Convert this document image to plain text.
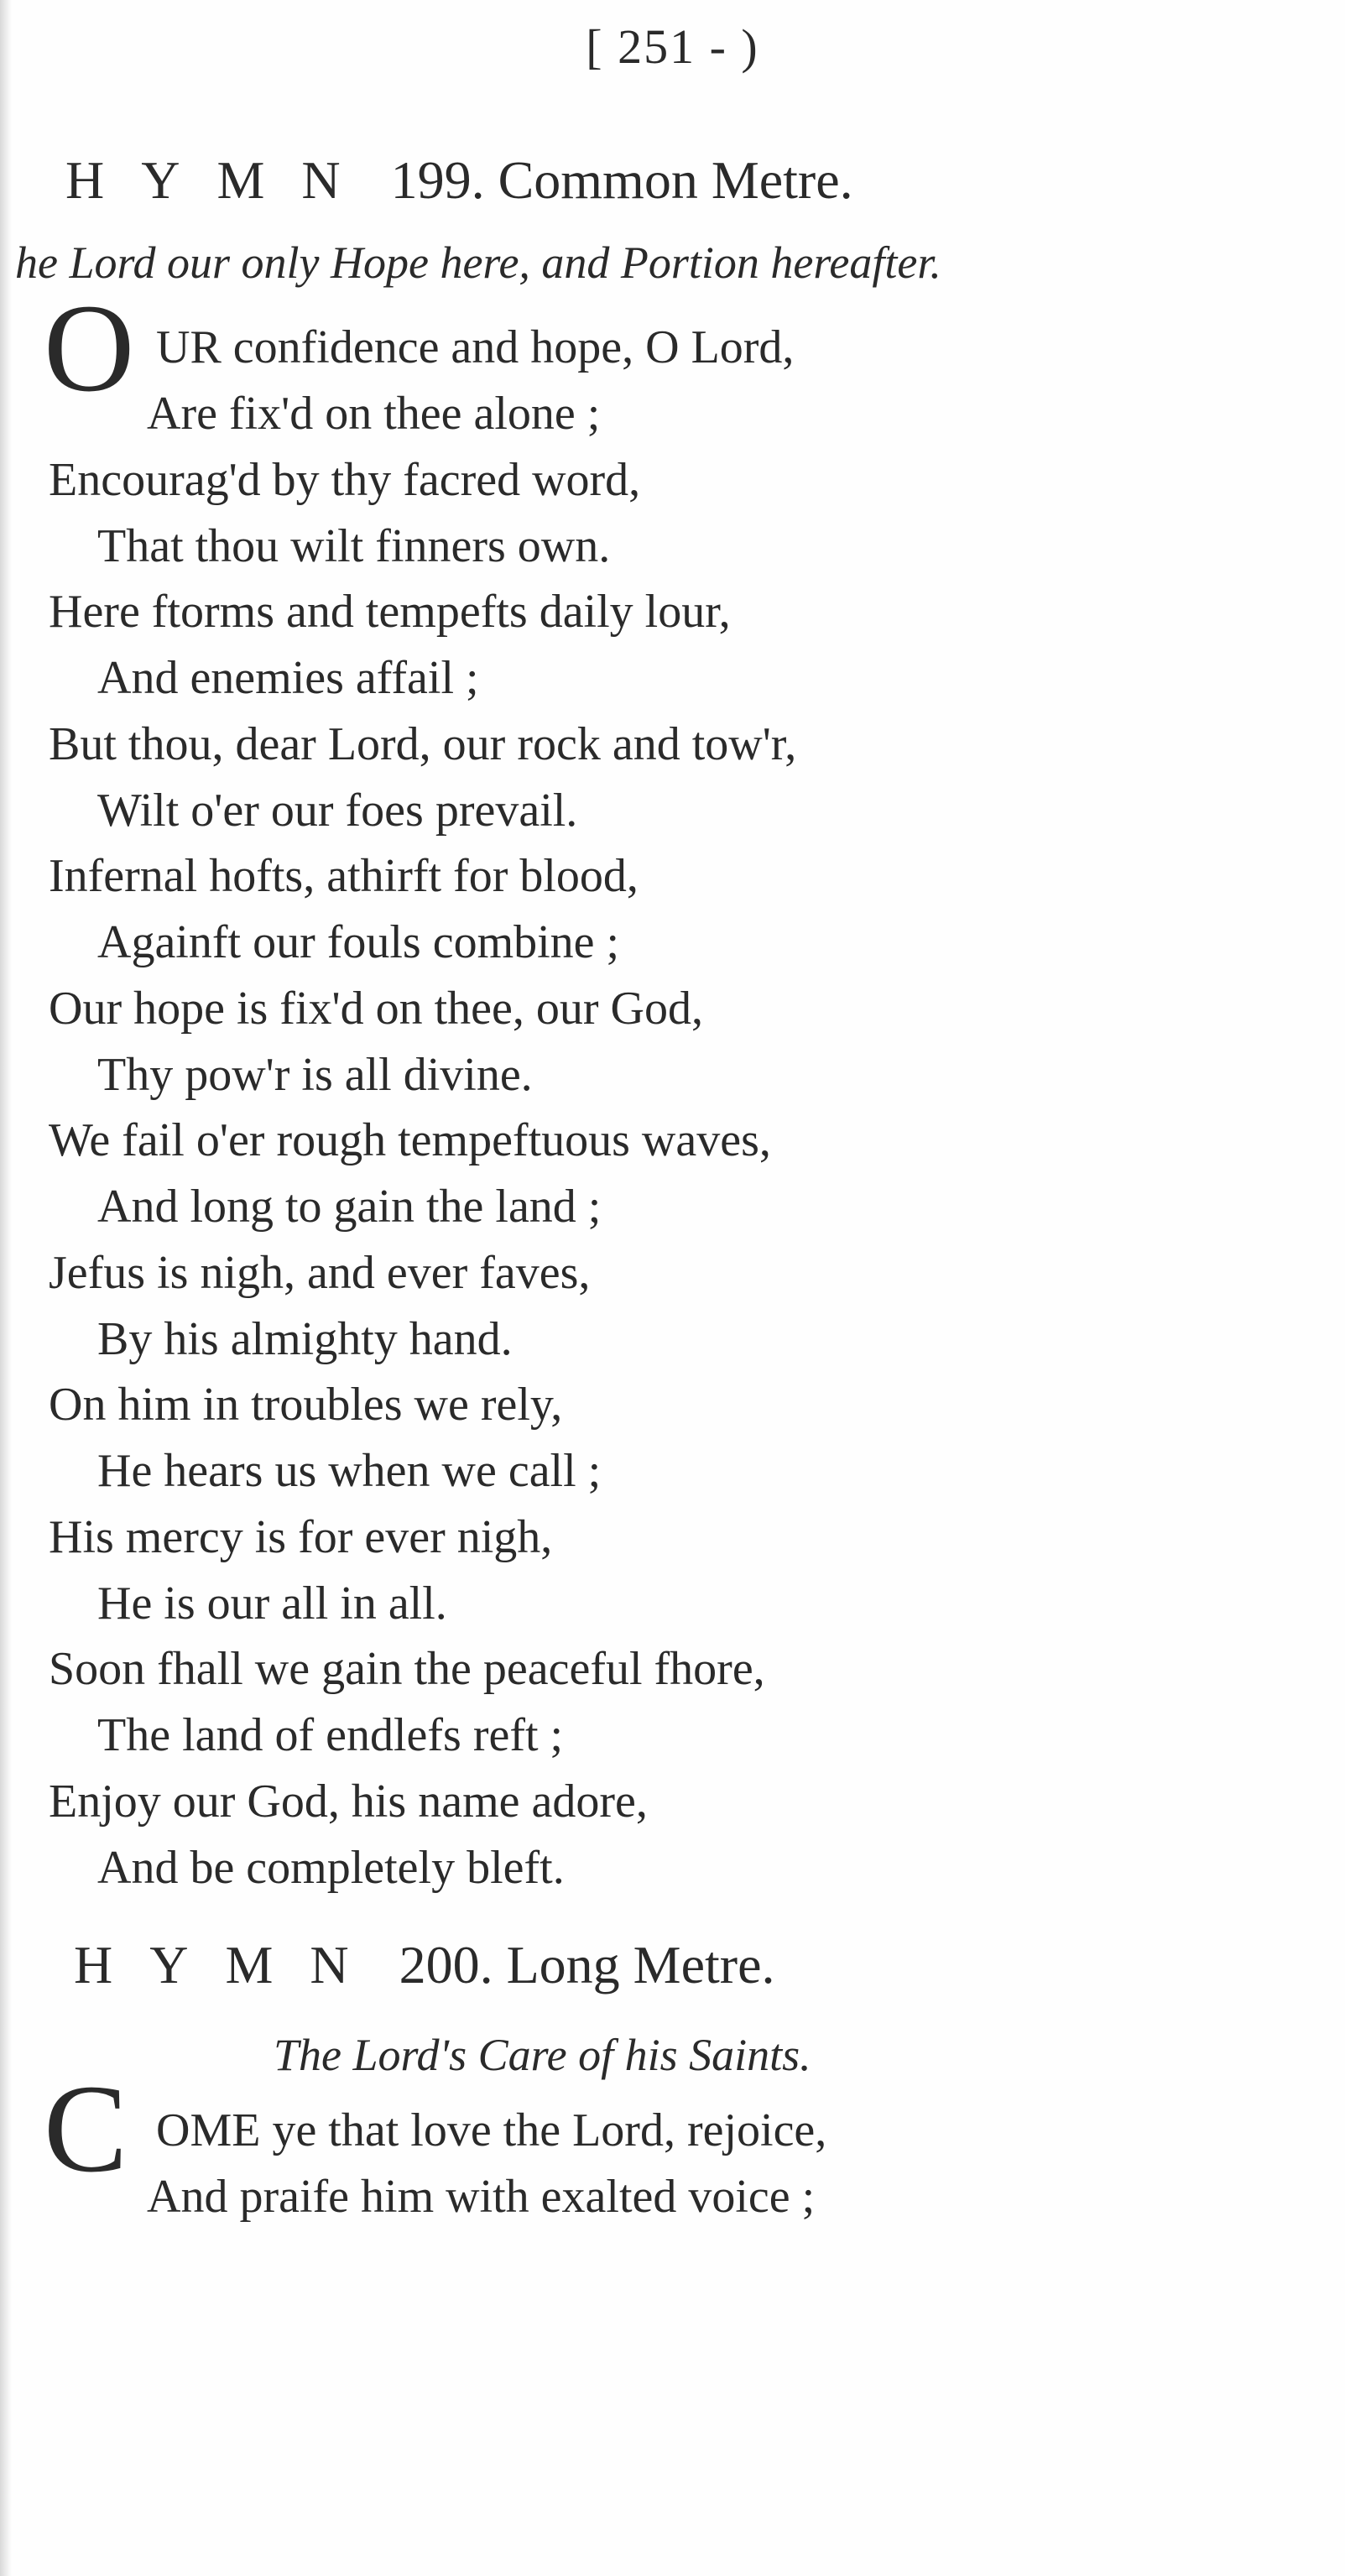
[ 251 - )
HYMN 199. Common Metre.
he Lord our only Hope here, and Portion hereafter.
O UR confidence and hope, O Lord,
Are fix'd on thee alone ;
Encourag'd by thy facred word,
That thou wilt finners own.
Here ftorms and tempefts daily lour,
And enemies affail ;
But thou, dear Lord, our rock and tow'r,
Wilt o'er our foes prevail.
Infernal hofts, athirft for blood,
Againft our fouls combine ;
Our hope is fix'd on thee, our God,
Thy pow'r is all divine.
We fail o'er rough tempeftuous waves,
And long to gain the land ;
Jefus is nigh, and ever faves,
By his almighty hand.
On him in troubles we rely,
He hears us when we call ;
His mercy is for ever nigh,
He is our all in all.
Soon fhall we gain the peaceful fhore,
The land of endlefs reft ;
Enjoy our God, his name adore,
And be completely bleft.
HYMN 200. Long Metre.
The Lord's Care of his Saints.
C OME ye that love the Lord, rejoice,
And praife him with exalted voice ;
